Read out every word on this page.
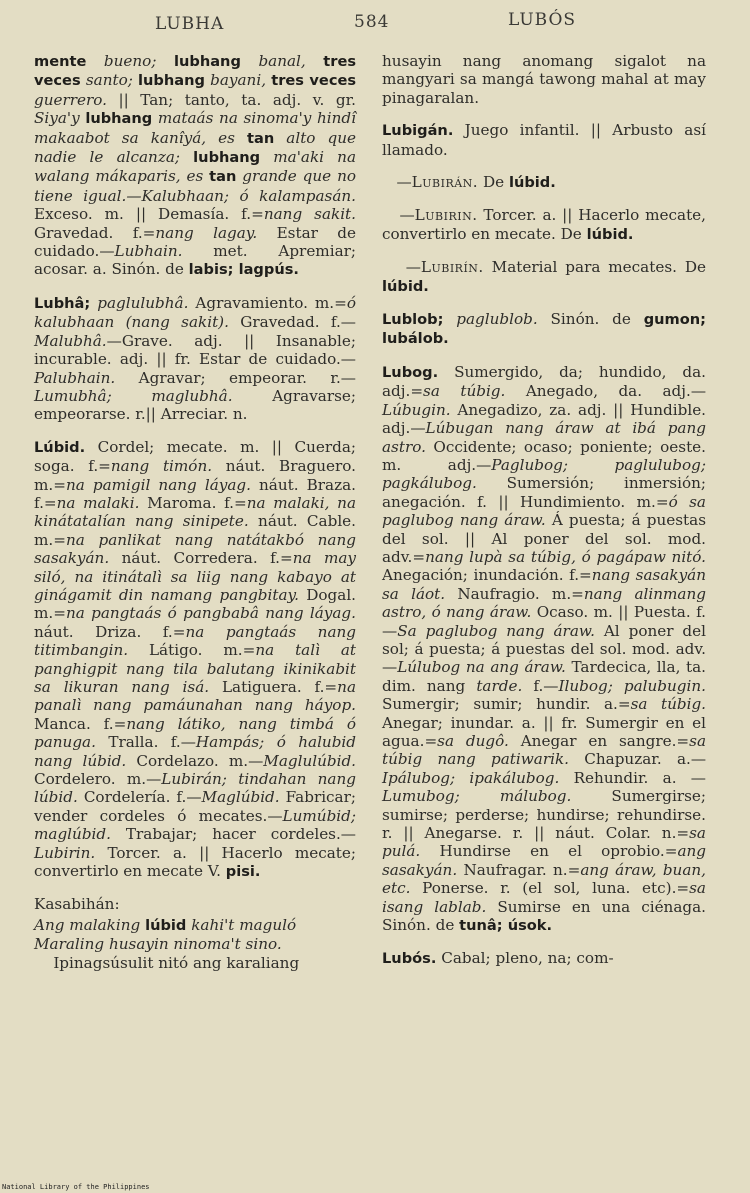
LUBHA	584	LUBÓS

mente bueno; lubhang banal, tres veces santo; lubhang bayani, tres veces guerrero. || Tan; tanto, ta. adj. v. gr. Siya'y lubhang mataás na sinoma'y hindî makaabot sa kanîyá, es tan alto que nadie le alcanza; lubhang ma'aki na walang mákaparis, es tan grande que no tiene igual.—Kalubhaan; ó kalampasán. Exceso. m. || Demasía. f.=nang sakit. Gravedad. f.=nang lagay. Estar de cuidado.—Lubhain. met. Apremiar; acosar. a. Sinón. de labis; lagpús.

Lubhâ; paglulubhâ. Agravamiento. m.=ó kalubhaan (nang sakit). Gravedad. f.—Malubhâ.—Grave. adj. || Insanable; incurable. adj. || fr. Estar de cuidado.—Palubhain. Agravar; empeorar. r.—Lumubhâ; maglubhâ.	Agravarse; empeorarse. r.|| Arreciar. n.

Lúbid. Cordel; mecate. m. || Cuerda; soga. f.=nang timón. náut. Braguero. m.=na pamigil nang láyag. náut. Braza. f.=na malaki. Maroma. f.=na malaki, na kinátatalían nang sinipete. náut. Cable. m.=na panlikat nang natátakbó nang sasakyán. náut. Corredera. f.=na may siló, na itinátalì sa liig nang kabayo at ginágamit din namang pangbitay. Dogal. m.=na pangtaás ó pangbabâ nang láyag. náut. Driza. f.=na pangtaás nang titimbangin. Látigo. m.=na talì at panghigpit nang tila balutang ikinikabit sa likuran nang isá. Latiguera. f.=na panalì nang pamáunahan nang háyop. Manca. f.=nang látiko, nang timbá ó panuga. Tralla. f.—Hampás; ó halubid nang lúbid. Cordelazo. m.—Maglulúbid. Cordelero. m.—Lubirán; tindahan nang lúbid. Cordelería. f.—Maglúbid. Fabricar; vender cordeles ó mecates.—Lumúbid; maglúbid. Trabajar; hacer cordeles.—Lubirin. Torcer. a. || Hacerlo mecate; convertirlo en mecate V. pisi.

Kasabihán:

Ang malaking lúbid kahi't maguló
Maraling husayin ninoma't sino.
Ipinagsúsulit nitó ang karaliang

husayin nang anomang sigalot na mangyari sa mangá tawong mahal at may pinagaralan.

Lubigán. Juego infantil. || Arbusto así llamado.

—Lubirán. De lúbid.

—Lubirin. Torcer. a. || Hacerlo mecate, convertirlo en mecate. De lúbid.

—Lubirín. Material para mecates. De lúbid.

Lublob; paglublob. Sinón. de gumon; lubálob.

Lubog. Sumergido, da; hundido, da. adj.=sa túbig. Anegado, da. adj.—Lúbugin. Anegadizo, za. adj. || Hundible. adj.—Lúbugan nang áraw at ibá pang astro. Occidente; ocaso; poniente; oeste. m. adj.—Paglubog; paglulubog; pagkálubog. Sumersión; inmersión; anegación. f. || Hundimiento. m.=ó sa paglubog nang áraw. Á puesta; á puestas del sol. || Al poner del sol. mod. adv.=nang lupà sa túbig, ó pagápaw nitó. Anegación; inundación. f.=nang sasakyán sa láot. Naufragio. m.=nang alinmang astro, ó nang áraw. Ocaso. m. || Puesta. f.—Sa paglubog nang áraw. Al poner del sol; á puesta; á puestas del sol. mod. adv.—Lúlubog na ang áraw. Tardecica, lla, ta. dim. nang tarde. f.—Ilubog; palubugin. Sumergir; sumir; hundir. a.=sa túbig. Anegar; inundar. a. || fr. Sumergir en el agua.=sa dugô. Anegar en sangre.=sa túbig nang patiwarik. Chapuzar. a.—Ipálubog; ipakálubog. Rehundir. a. —Lumubog; málubog.	Sumergirse; sumirse; perderse; hundirse; rehundirse. r. || Anegarse. r. || náut. Colar. n.=sa pulá. Hundirse en el oprobio.=ang sasakyán. Naufragar. n.=ang áraw, buan, etc. Ponerse. r. (el sol, luna. etc).=sa isang lablab. Sumirse en una ciénaga. Sinón. de tunâ; úsok.

Lubós. Cabal; pleno, na; com-

National Library of the Philippines
